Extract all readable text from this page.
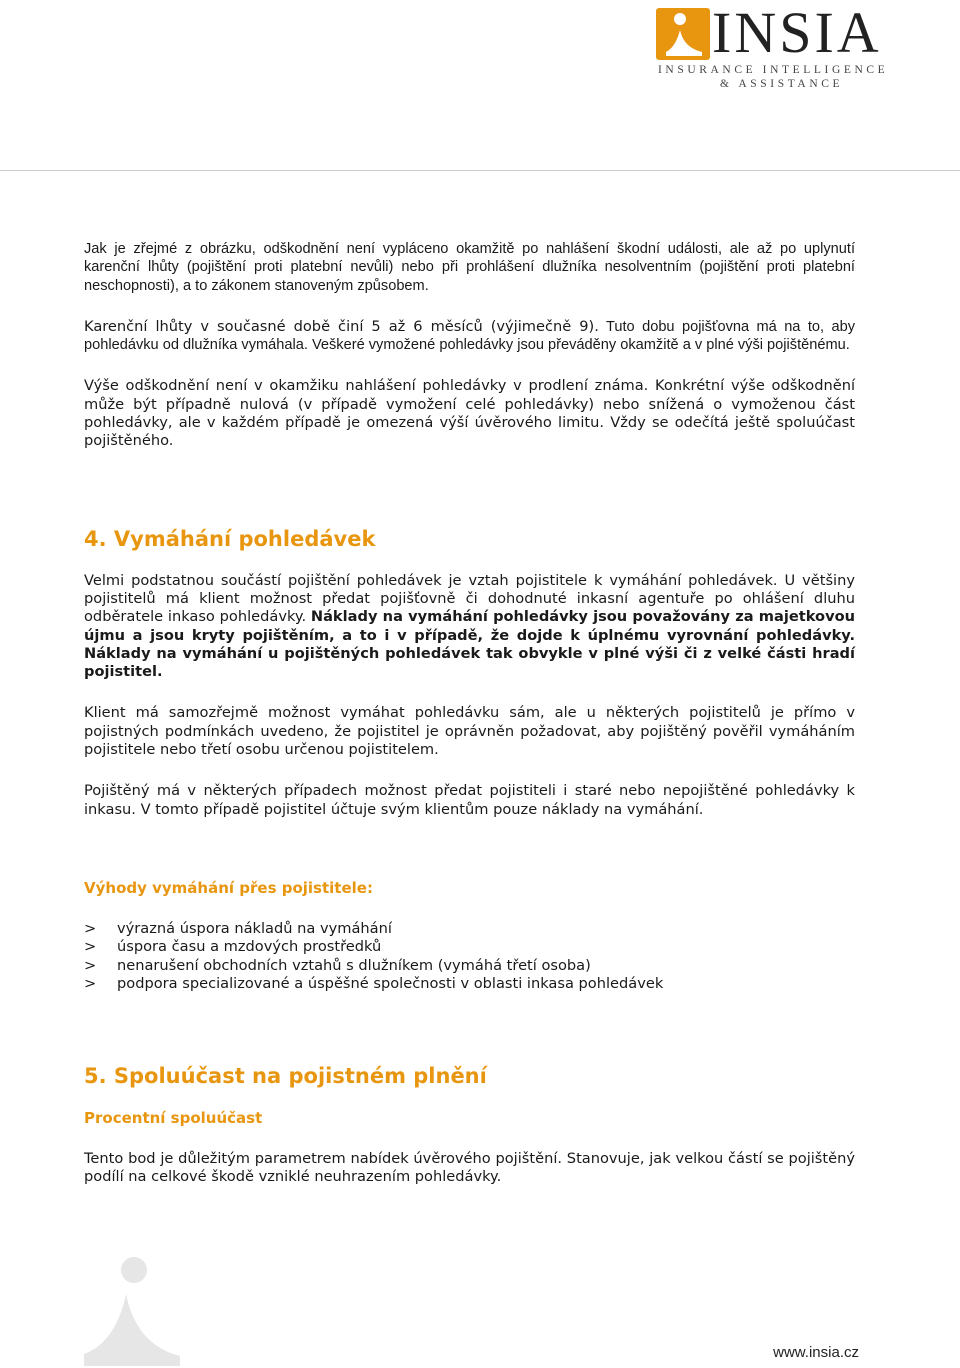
INSIA
INSURANCE INTELLIGENCE
& ASSISTANCE

Jak je zřejmé z obrázku, odškodnění není vypláceno okamžitě po nahlášení škodní události, ale až po uplynutí karenční lhůty (pojištění proti platební nevůli) nebo při prohlášení dlužníka nesolventním (pojištění proti platební neschopnosti), a to zákonem stanoveným způsobem.

Karenční lhůty v současné době činí 5 až 6 měsíců (výjimečně 9). Tuto dobu pojišťovna má na to, aby pohledávku od dlužníka vymáhala. Veškeré vymožené pohledávky jsou převáděny okamžitě a v plné výši pojištěnému.

Výše odškodnění není v okamžiku nahlášení pohledávky v prodlení známa. Konkrétní výše odškodnění může být případně nulová (v případě vymožení celé pohledávky) nebo snížená o vymoženou část pohledávky, ale v každém případě je omezená výší úvěrového limitu. Vždy se odečítá ještě spoluúčast pojištěného.

4. Vymáhání pohledávek

Velmi podstatnou součástí pojištění pohledávek je vztah pojistitele k vymáhání pohledávek. U většiny pojistitelů má klient možnost předat pojišťovně či dohodnuté inkasní agentuře po ohlášení dluhu odběratele inkaso pohledávky. Náklady na vymáhání pohledávky jsou považovány za majetkovou újmu a jsou kryty pojištěním, a to i v případě, že dojde k úplnému vyrovnání pohledávky. Náklady na vymáhání u pojištěných pohledávek tak obvykle v plné výši či z velké části hradí pojistitel.

Klient má samozřejmě možnost vymáhat pohledávku sám, ale u některých pojistitelů je přímo v pojistných podmínkách uvedeno, že pojistitel je oprávněn požadovat, aby pojištěný pověřil vymáháním pojistitele nebo třetí osobu určenou pojistitelem.

Pojištěný má v některých případech možnost předat pojistiteli i staré nebo nepojištěné pohledávky k inkasu. V tomto případě pojistitel účtuje svým klientům pouze náklady na vymáhání.

Výhody vymáhání přes pojistitele:
>	výrazná úspora nákladů na vymáhání
>	úspora času a mzdových prostředků
>	nenarušení obchodních vztahů s dlužníkem (vymáhá třetí osoba)
>	podpora specializované a úspěšné společnosti v oblasti inkasa pohledávek
5. Spoluúčast na pojistném plnění
Procentní spoluúčast

Tento bod je důležitým parametrem nabídek úvěrového pojištění. Stanovuje, jak velkou částí se pojištěný podílí na celkové škodě vzniklé neuhrazením pohledávky.

www.insia.cz
